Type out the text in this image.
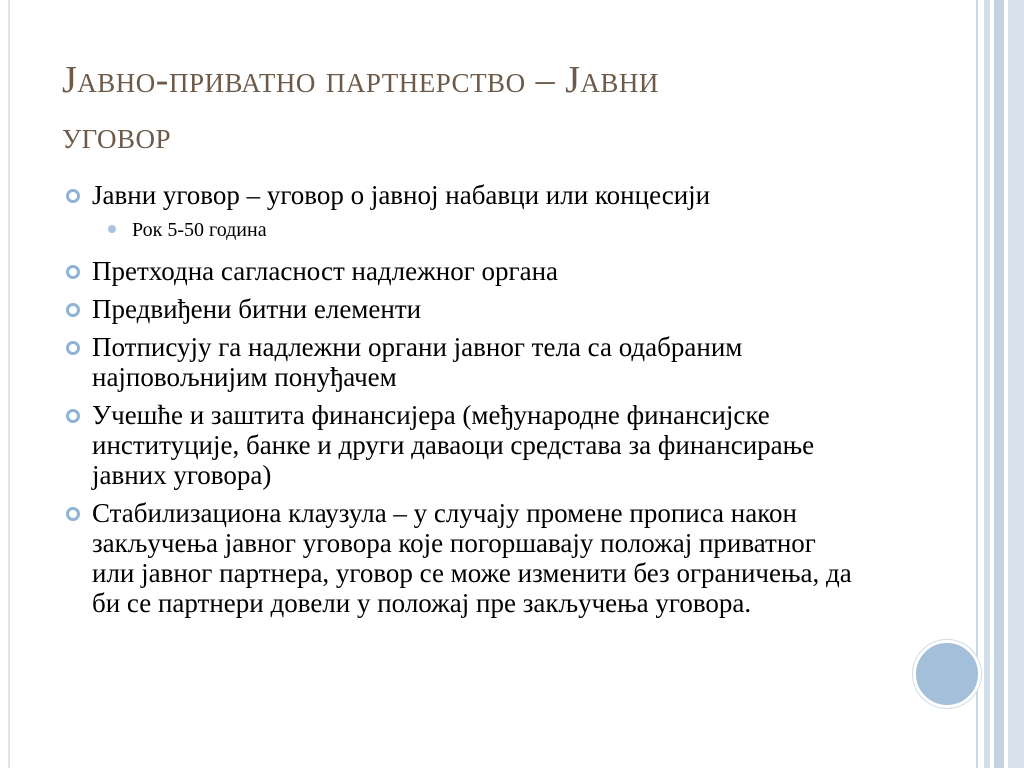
Јавно-приватно партнерство – Јавни
уговор
Јавни уговор – уговор о јавној набавци или концесији
Рок 5-50 година
Претходна сагласност надлежног органа
Предвиђени битни елементи
Потписују га надлежни органи јавног тела са одабраним најповољнијим понуђачем
Учешће и заштита финансијера (међународне финансијске институције, банке и други даваоци средстава за финансирање јавних уговора)
Стабилизациона клаузула – у случају промене прописа након закључења јавног уговора које погоршавају положај приватног или јавног партнера, уговор се може изменити без ограничења, да би се партнери довели у положај пре закључења уговора.
